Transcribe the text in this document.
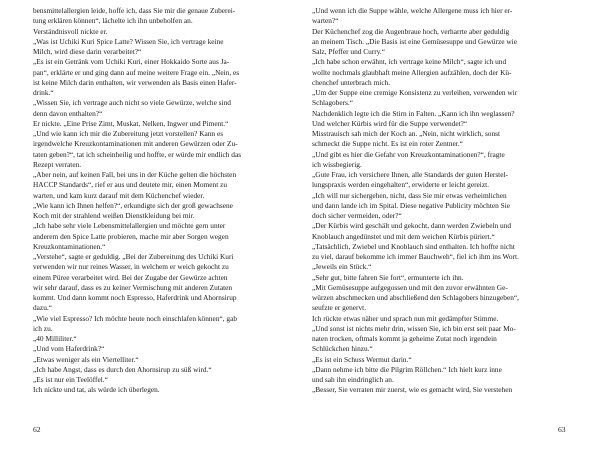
bensmittelallergien leide, hoffe ich, dass Sie mir die genaue Zuberei-
tung erklären können“, lächelte ich ihn unbeholfen an.
Verständnisvoll nickte er.
„Was ist Uchiki Kuri Spice Latte? Wissen Sie, ich vertrage keine
Milch, wird diese darin verarbeitet?“
„Es ist ein Getränk vom Uchiki Kuri, einer Hokkaido Sorte aus Ja-
pan“, erklärte er und ging dann auf meine weitere Frage ein. „Nein, es
ist keine Milch darin enthalten, wir verwenden als Basis einen Hafer-
drink.“
„Wissen Sie, ich vertrage auch nicht so viele Gewürze, welche sind
denn davon enthalten?“
Er nickte. „Eine Prise Zimt, Muskat, Nelken, Ingwer und Piment.“
„Und wie kann ich mir die Zubereitung jetzt vorstellen? Kann es
irgendwelche Kreuzkontaminationen mit anderen Gewürzen oder Zu-
taten geben?“, tat ich scheinheilig und hoffte, er würde mir endlich das
Rezept verraten.
„Aber nein, auf keinen Fall, bei uns in der Küche gelten die höchsten
HACCP Standards“, rief er aus und deutete mir, einen Moment zu
warten, und kam kurz darauf mit dem Küchenchef wieder.
„Wie kann ich Ihnen helfen?“, erkundigte sich der groß gewachsene
Koch mit der strahlend weißen Dienstkleidung bei mir.
„Ich habe sehr viele Lebensmittelallergien und möchte gern unter
anderem den Spice Latte probieren, mache mir aber Sorgen wegen
Kreuzkontaminationen.“
„Verstehe“, sagte er geduldig. „Bei der Zubereitung des Uchiki Kuri
verwenden wir nur reines Wasser, in welchem er weich gekocht zu
einem Püree verarbeitet wird. Bei der Zugabe der Gewürze achten
wir sehr darauf, dass es zu keiner Vermischung mit anderen Zutaten
kommt. Und dann kommt noch Espresso, Haferdrink und Ahornsirup
dazu.“
„Wie viel Espresso? Ich möchte heute noch einschlafen können“, gab
ich zu.
„40 Milliliter.“
„Und vom Haferdrink?“
„Etwas weniger als ein Viertelliter.“
„Ich habe Angst, dass es durch den Ahornsirup zu süß wird.“
„Es ist nur ein Teelöffel.“
Ich nickte und tat, als würde ich überlegen.
62
„Und wenn ich die Suppe wähle, welche Allergene muss ich hier er-
warten?“
Der Küchenchef zog die Augenbraue hoch, verharrte aber geduldig
an meinem Tisch. „Die Basis ist eine Gemüsesuppe und Gewürze wie
Salz, Pfeffer und Curry.“
„Ich habe schon erwähnt, ich vertrage keine Milch“, sagte ich und
wollte nochmals glaubhaft meine Allergien aufzählen, doch der Kü-
chenchef unterbrach mich.
„Um der Suppe eine cremige Konsistenz zu verleihen, verwenden wir
Schlagobers.“
Nachdenklich legte ich die Stirn in Falten. „Kann ich ihn weglassen?
Und welcher Kürbis wird für die Suppe verwendet?“
Misstrauisch sah mich der Koch an. „Nein, nicht wirklich, sonst
schmeckt die Suppe nicht. Es ist ein roter Zentner.“
„Und gibt es hier die Gefahr von Kreuzkontaminationen?“, fragte
ich wissbegierig.
„Gute Frau, ich versichere Ihnen, alle Standards der guten Herstel-
lungspraxis werden eingehalten“, erwiderte er leicht gereizt.
„Ich will nur sichergehen, nicht, dass Sie mir etwas verheimlichen
und dann lande ich im Spital. Diese negative Publicity möchten Sie
doch sicher vermeiden, oder?“
„Der Kürbis wird geschält und gekocht, dann werden Zwiebeln und
Knoblauch angedünstet und mit dem weichen Kürbis püriert.“
„Tatsächlich, Zwiebel und Knoblauch sind enthalten. Ich hoffte nicht
zu viel, darauf bekomme ich immer Bauchweh“, fiel ich ihm ins Wort.
„Jeweils ein Stück.“
„Sehr gut, bitte fahren Sie fort“, ermunterte ich ihn.
„Mit Gemüsesuppe aufgegossen und mit den zuvor erwähnten Ge-
würzen abschmecken und abschließend den Schlagobers hinzugeben“,
seufzte er genervt.
Ich rückte etwas näher und sprach nun mit gedämpfter Stimme.
„Und sonst ist nichts mehr drin, wissen Sie, ich bin erst seit paar Mo-
naten trocken, oftmals kommt ja geheime Zutat noch irgendein
Schlückchen hinzu.“
„Es ist ein Schuss Wermut darin.“
„Dann nehme ich bitte die Pilgrim Röllchen.“ Ich hielt kurz inne
und sah ihn eindringlich an.
„Besser, Sie verraten mir zuerst, wie es gemacht wird, Sie verstehen
63
